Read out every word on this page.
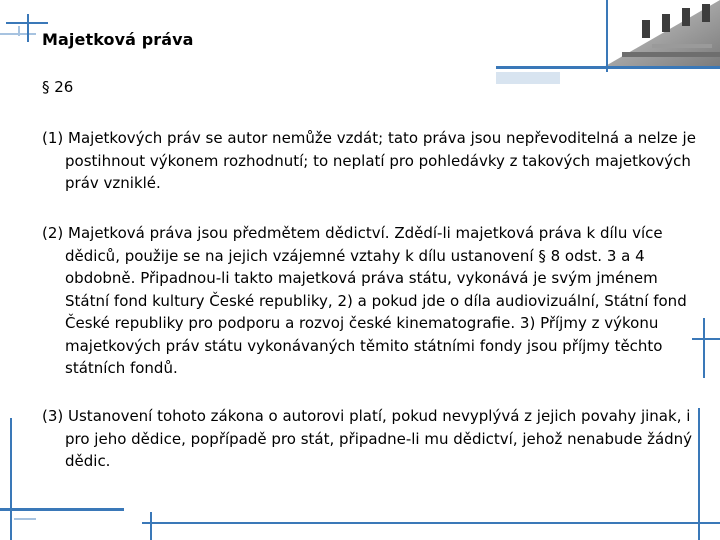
Majetková práva
§ 26
(1) Majetkových práv se autor nemůže vzdát; tato práva jsou nepřevoditelná a nelze je postihnout výkonem rozhodnutí; to neplatí pro pohledávky z takových majetkových práv vzniklé.
(2) Majetková práva jsou předmětem dědictví. Zdědí-li majetková práva k dílu více dědiců, použije se na jejich vzájemné vztahy k dílu ustanovení § 8 odst. 3 a 4 obdobně. Připadnou-li takto majetková práva státu, vykonává je svým jménem Státní fond kultury České republiky, 2) a pokud jde o díla audiovizuální, Státní fond České republiky pro podporu a rozvoj české kinematografie. 3) Příjmy z výkonu majetkových práv státu vykonávaných těmito státními fondy jsou příjmy těchto státních fondů.
(3) Ustanovení tohoto zákona o autorovi platí, pokud nevyplývá z jejich povahy jinak, i pro jeho dědice, popřípadě pro stát, připadne-li mu dědictví, jehož nenabude žádný dědic.
